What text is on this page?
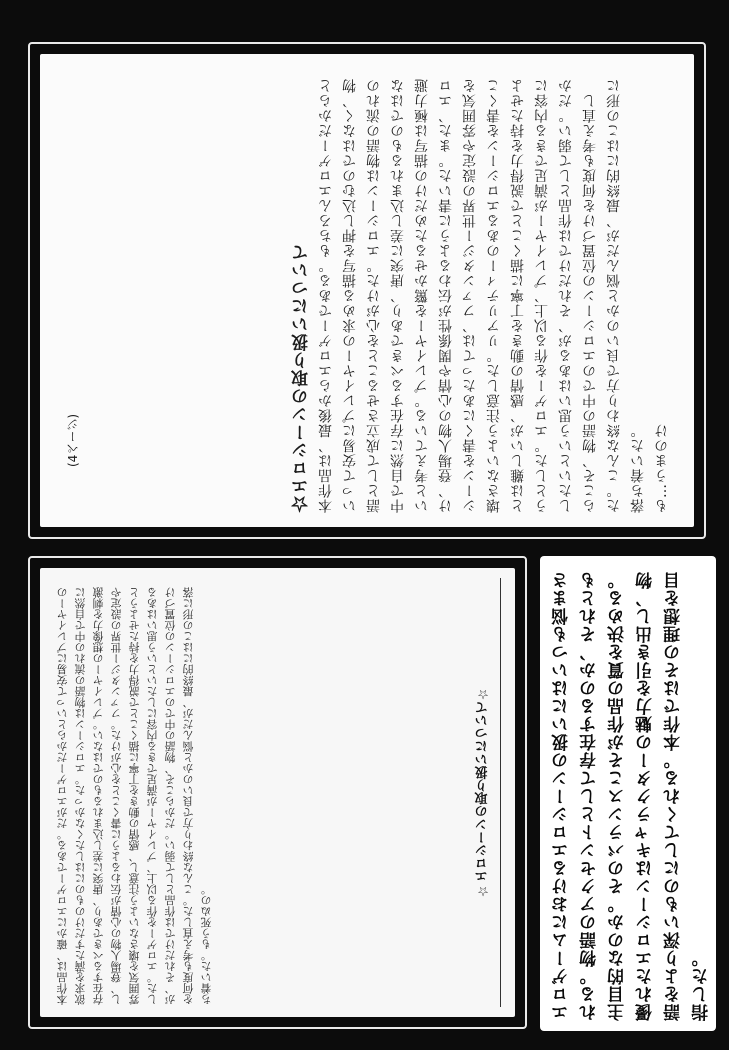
☆エロシーンの取り扱いについて 本作品は、最後からエロゲーである。もちろんエロゲーだからといって安易にプレイヤーの求める描写を押し込むのではなく、物語として成立させることを心がけた。エロシーンは物語の流れの中で自然に存在するべきであり、唐突に差し込まれるものではないと考えている。プレイヤーを驚かせるためだけの描写は極力避け、登場人物の心情や関係性が伝わるように書いた。また、エロシーンを書くにあたっては、ファンタジー世界の設定や雰囲気を壊さないよう注意した。リアリティーのあるエロシーンを書くことは難しいが、感情の動きを丁寧に描くことで説得力を持たせようとした。エロゲーを作る以上、プレイヤーが満足できる内容にしたいという思いはあるが、それだけでは作品として弱い。だからこそ、物語の中でのエロシーンの位置づけを何度も考え直した。こんな終わり方で良いのかと悩んだが、最終的にはこの形に落ち着いた。 も…うまのけ
(4ページ)
☆エロシーンの取り扱いについて☆
本作品は、確かにエロゲーである。だがエロゲーだからといって安易にプレイヤーの欲求を満たすだけのものにはしたくなかった。エロシーンは物語の流れの中で自然に存在するべきであり、唐突に差し込まれるものではない。プレイヤーの想像力を刺激し、登場人物の心情が伝わるように書くことを心がけた。ファンタジー世界の設定や雰囲気を壊さないよう注意し、感情の動きを丁寧に描くことで説得力を持たせようとした。エロゲーを作る以上、プレイヤーが満足できる内容にしたいという思いはあるが、それだけでは作品として弱い。だからこそ、物語の中でのエロシーンの位置づけを何度も考え直した。こんな終わり方で良いのかと悩んだが、最終的にはこの形に落ち着いた。もう死ぬの。	エロゲームにおけるエロシーンの扱いにはいつも悩まされる。物語のアクセントとして存在するのか、それとも主目的なのか。そのバランスこそが作品の質を決める。優れたエロシーンはキャラクターの魅力を引き出し、物語をより深いものにしてくれる。本作ではその理想を目指した。
